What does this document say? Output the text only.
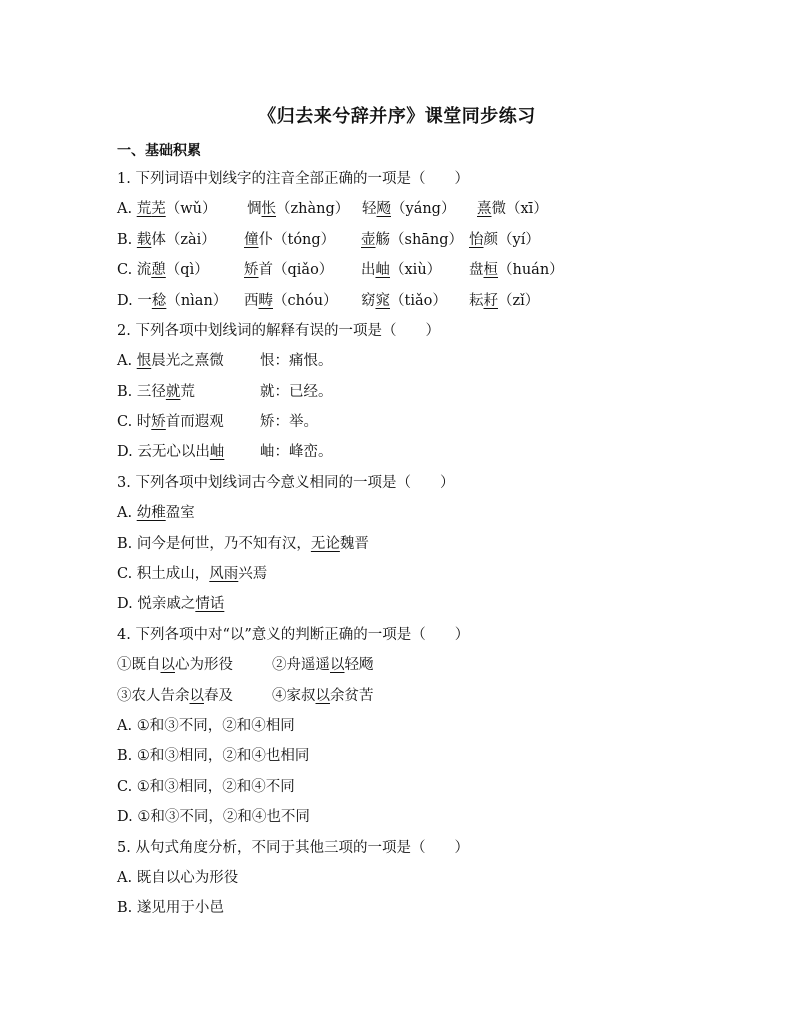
《归去来兮辞并序》课堂同步练习
一、基础积累
1. 下列词语中划线字的注音全部正确的一项是（　　）
A. 荒芜（wǔ） 惆怅（zhàng） 轻飏（yáng） 熹微（xī）
B. 载体（zài） 僮仆（tóng） 壶觞（shāng） 怡颜（yí）
C. 流憩（qì） 矫首（qiǎo） 出岫（xiù） 盘桓（huán）
D. 一稔（nìan） 西畴（chóu） 窈窕（tiǎo） 耘耔（zǐ）
2. 下列各项中划线词的解释有误的一项是（　　）
A. 恨晨光之熹微	恨：痛恨。
B. 三径就荒	就：已经。
C. 时矫首而遐观 矫：举。
D. 云无心以出岫 岫：峰峦。
3. 下列各项中划线词古今意义相同的一项是（　　）
A. 幼稚盈室
B. 问今是何世，乃不知有汉，无论魏晋
C. 积土成山，风雨兴焉
D. 悦亲戚之情话
4. 下列各项中对“以”意义的判断正确的一项是（　　）
①既自以心为形役	②舟遥遥以轻飏
③农人告余以春及	④家叔以余贫苦
A. ①和③不同，②和④相同
B. ①和③相同，②和④也相同
C. ①和③相同，②和④不同
D. ①和③不同，②和④也不同
5. 从句式角度分析，不同于其他三项的一项是（　　）
A. 既自以心为形役
B. 遂见用于小邑
